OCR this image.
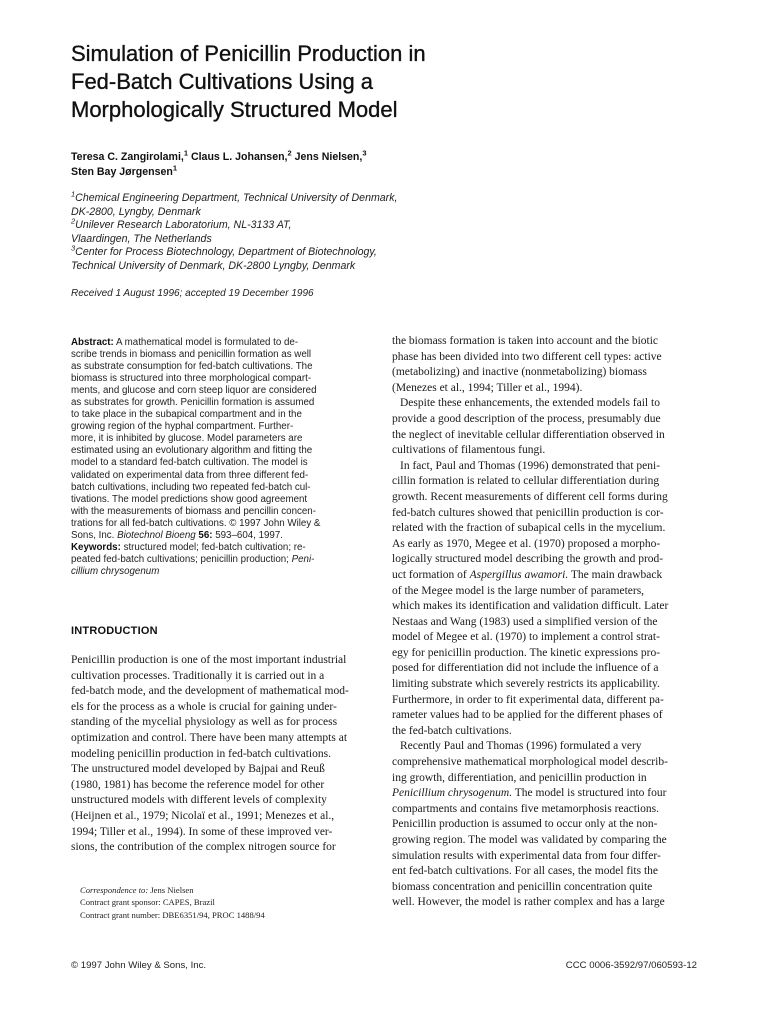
Simulation of Penicillin Production in
Fed-Batch Cultivations Using a
Morphologically Structured Model
Teresa C. Zangirolami,$^1$ Claus L. Johansen,$^2$ Jens Nielsen,$^3$
Sten Bay Jørgensen$^1$
$^1$Chemical Engineering Department, Technical University of Denmark,
DK-2800, Lyngby, Denmark
$^2$Unilever Research Laboratorium, NL-3133 AT,
Vlaardingen, The Netherlands
$^3$Center for Process Biotechnology, Department of Biotechnology,
Technical University of Denmark, DK-2800 Lyngby, Denmark
Received 1 August 1996; accepted 19 December 1996
Abstract: A mathematical model is formulated to de-
scribe trends in biomass and penicillin formation as well
as substrate consumption for fed-batch cultivations. The
biomass is structured into three morphological compart-
ments, and glucose and corn steep liquor are considered
as substrates for growth. Penicillin formation is assumed
to take place in the subapical compartment and in the
growing region of the hyphal compartment. Further-
more, it is inhibited by glucose. Model parameters are
estimated using an evolutionary algorithm and fitting the
model to a standard fed-batch cultivation. The model is
validated on experimental data from three different fed-
batch cultivations, including two repeated fed-batch cul-
tivations. The model predictions show good agreement
with the measurements of biomass and pencillin concen-
trations for all fed-batch cultivations. © 1997 John Wiley &
Sons, Inc. Biotechnol Bioeng 56: 593–604, 1997.
Keywords: structured model; fed-batch cultivation; re-
peated fed-batch cultivations; penicillin production; Peni-
cillium chrysogenum
INTRODUCTION
Penicillin production is one of the most important industrial
cultivation processes. Traditionally it is carried out in a
fed-batch mode, and the development of mathematical mod-
els for the process as a whole is crucial for gaining under-
standing of the mycelial physiology as well as for process
optimization and control. There have been many attempts at
modeling penicillin production in fed-batch cultivations.
The unstructured model developed by Bajpai and Reuß
(1980, 1981) has become the reference model for other
unstructured models with different levels of complexity
(Heijnen et al., 1979; Nicolaï et al., 1991; Menezes et al.,
1994; Tiller et al., 1994). In some of these improved ver-
sions, the contribution of the complex nitrogen source for
the biomass formation is taken into account and the biotic
phase has been divided into two different cell types: active
(metabolizing) and inactive (nonmetabolizing) biomass
(Menezes et al., 1994; Tiller et al., 1994).
Despite these enhancements, the extended models fail to
provide a good description of the process, presumably due
the neglect of inevitable cellular differentiation observed in
cultivations of filamentous fungi.
In fact, Paul and Thomas (1996) demonstrated that peni-
cillin formation is related to cellular differentiation during
growth. Recent measurements of different cell forms during
fed-batch cultures showed that penicillin production is cor-
related with the fraction of subapical cells in the mycelium.
As early as 1970, Megee et al. (1970) proposed a morpho-
logically structured model describing the growth and prod-
uct formation of Aspergillus awamori. The main drawback
of the Megee model is the large number of parameters,
which makes its identification and validation difficult. Later
Nestaas and Wang (1983) used a simplified version of the
model of Megee et al. (1970) to implement a control strat-
egy for penicillin production. The kinetic expressions pro-
posed for differentiation did not include the influence of a
limiting substrate which severely restricts its applicability.
Furthermore, in order to fit experimental data, different pa-
rameter values had to be applied for the different phases of
the fed-batch cultivations.
Recently Paul and Thomas (1996) formulated a very
comprehensive mathematical morphological model describ-
ing growth, differentiation, and penicillin production in
Penicillium chrysogenum. The model is structured into four
compartments and contains five metamorphosis reactions.
Penicillin production is assumed to occur only at the non-
growing region. The model was validated by comparing the
simulation results with experimental data from four differ-
ent fed-batch cultivations. For all cases, the model fits the
biomass concentration and penicillin concentration quite
well. However, the model is rather complex and has a large
Correspondence to: Jens Nielsen
Contract grant sponsor: CAPES, Brazil
Contract grant number: DBE6351/94, PROC 1488/94
© 1997 John Wiley & Sons, Inc.	CCC 0006-3592/97/060593-12
